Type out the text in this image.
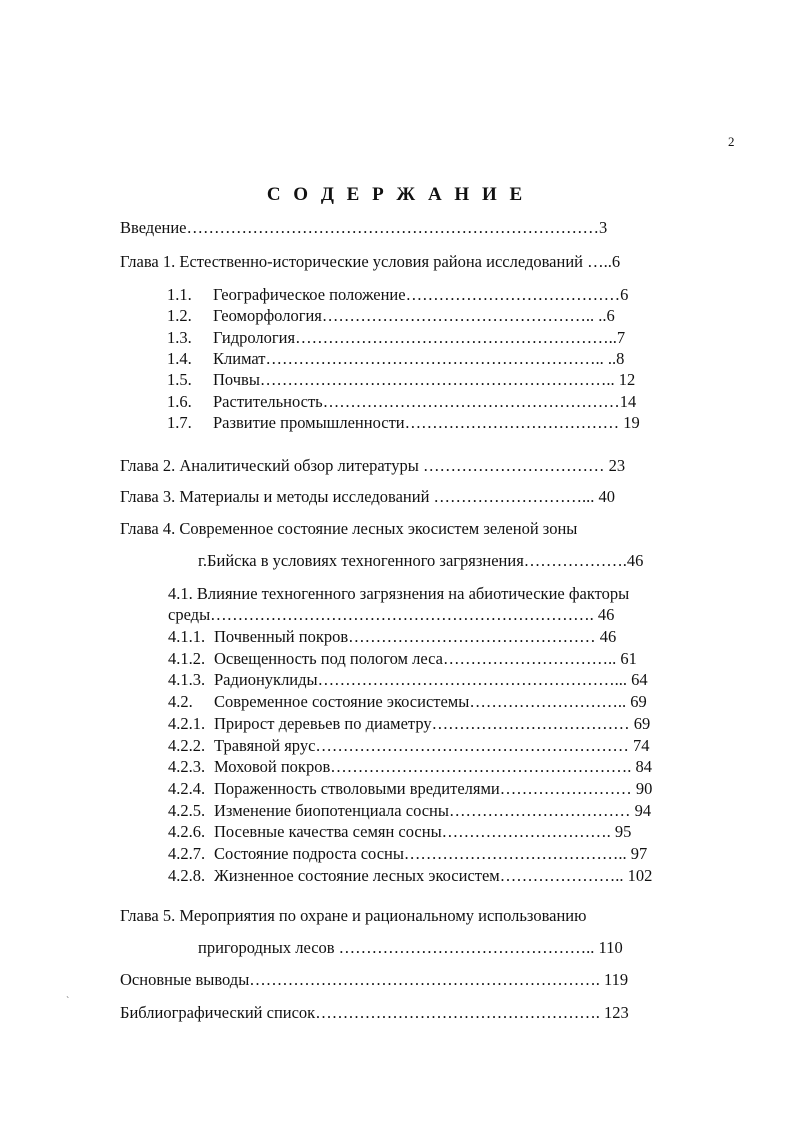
2
С О Д Е Р Ж А Н И Е
Введение…………………………………………………………………3
Глава 1. Естественно-исторические условия района исследований …..6
1.1. Географическое положение…………………………………6
1.2. Геоморфология………………………………………….. ..6
1.3. Гидрология…………………………………………………..7
1.4. Климат…………………………………………………….. ..8
1.5. Почвы……………………………………………………….. 12
1.6. Растительность………………………………………………14
1.7. Развитие промышленности………………………………… 19
Глава 2. Аналитический обзор литературы …………………………… 23
Глава 3. Материалы и методы исследований ………………………... 40
Глава 4. Современное состояние лесных экосистем зеленой зоны
г.Бийска в условиях техногенного загрязнения……………….46
4.1. Влияние техногенного загрязнения на абиотические факторы
среды……………………………………………………………. 46
4.1.1. Почвенный покров……………………………………… 46
4.1.2. Освещенность под пологом леса………………………….. 61
4.1.3. Радионуклиды………………………………………………... 64
4.2. Современное состояние экосистемы……………………….. 69
4.2.1. Прирост деревьев по диаметру……………………………… 69
4.2.2. Травяной ярус………………………………………………… 74
4.2.3. Моховой покров………………………………………………. 84
4.2.4. Пораженность стволовыми вредителями…………………… 90
4.2.5. Изменение биопотенциала сосны…………………………… 94
4.2.6. Посевные качества семян сосны…………………………. 95
4.2.7. Состояние подроста сосны………………………………….. 97
4.2.8. Жизненное состояние лесных экосистем………………….. 102
Глава 5. Мероприятия по охране и рациональному использованию
пригородных лесов ……………………………………….. 110
Основные выводы………………………………………………………. 119
Библиографический список……………………………………………. 123
`
